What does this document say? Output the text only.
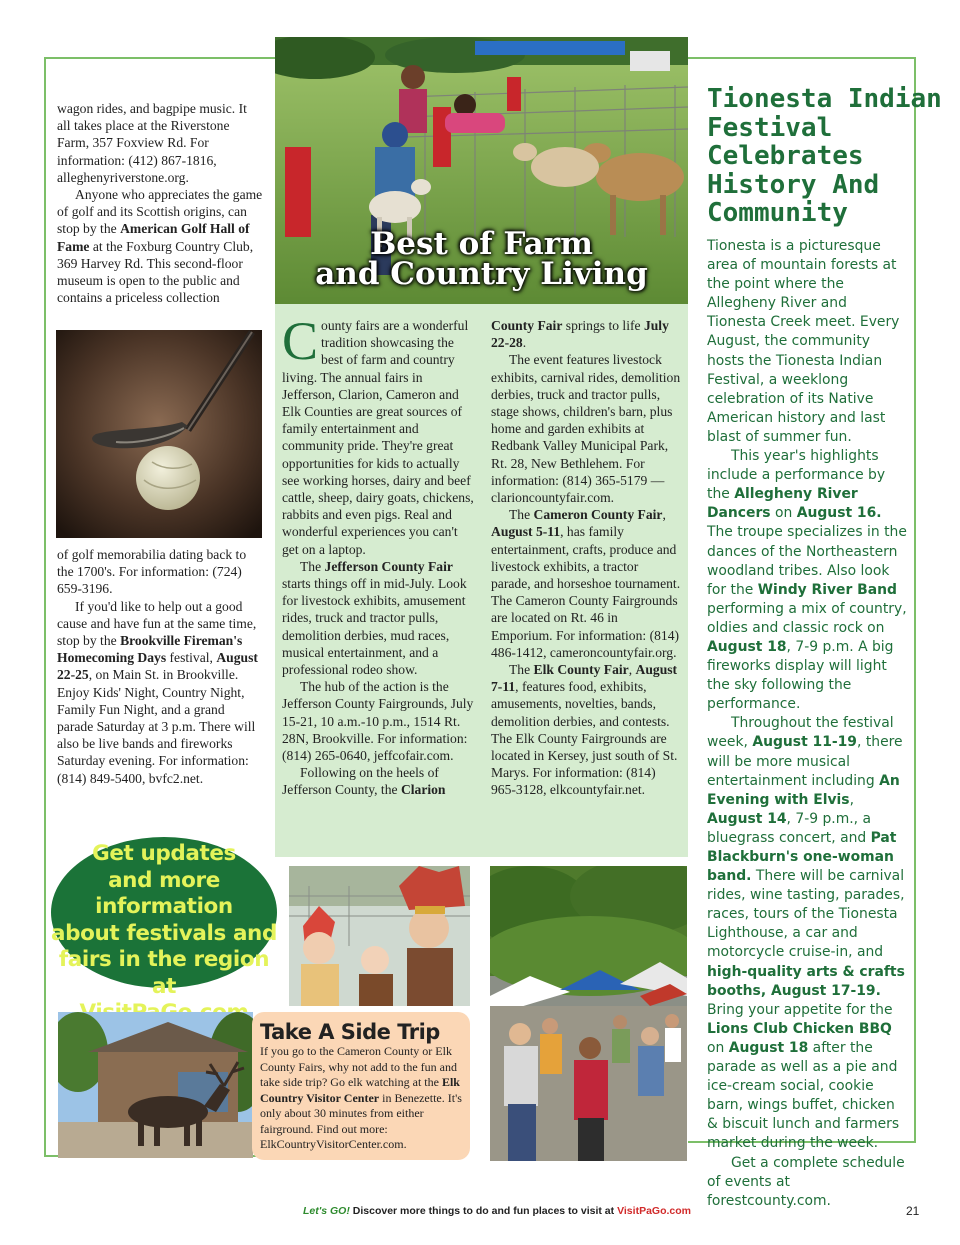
wagon rides, and bagpipe music. It all takes place at the Riverstone Farm, 357 Foxview Rd. For information: (412) 867-1816, alleghenyriverstone.org.

Anyone who appreciates the game of golf and its Scottish origins, can stop by the American Golf Hall of Fame at the Foxburg Country Club, 369 Harvey Rd. This second-floor museum is open to the public and contains a priceless collection

of golf memorabilia dating back to the 1700's. For information: (724) 659-3196.

If you'd like to help out a good cause and have fun at the same time, stop by the Brookville Fireman's Homecoming Days festival, August 22-25, on Main St. in Brookville. Enjoy Kids' Night, Country Night, Family Fun Night, and a grand parade Saturday at 3 p.m. There will also be live bands and fireworks Saturday evening. For information: (814) 849-5400, bvfc2.net.

Get updates
and more information
about festivals and
fairs in the region at
Best of Farm
and Country Living

County fairs are a wonderful tradition showcasing the best of farm and country living. The annual fairs in Jefferson, Clarion, Cameron and Elk Counties are great sources of family entertainment and community pride. They're great opportunities for kids to actually see working horses, dairy and beef cattle, sheep, dairy goats, chickens, rabbits and even pigs. Real and wonderful experiences you can't get on a laptop.

The Jefferson County Fair starts things off in mid-July. Look for livestock exhibits, amusement rides, truck and tractor pulls, demolition derbies, mud races, musical entertainment, and a professional rodeo show.

The hub of the action is the Jefferson County Fairgrounds, July 15-21, 10 a.m.-10 p.m., 1514 Rt. 28N, Brookville. For information: (814) 265-0640, jeffcofair.com.

Following on the heels of Jefferson County, the Clarion

County Fair springs to life July 22-28.

The event features livestock exhibits, carnival rides, demolition derbies, truck and tractor pulls, stage shows, children's barn, plus home and garden exhibits at Redbank Valley Municipal Park, Rt. 28, New Bethlehem. For information: (814) 365-5179 — clarioncountyfair.com.

The Cameron County Fair, August 5-11, has family entertainment, crafts, produce and livestock exhibits, a tractor parade, and horseshoe tournament. The Cameron County Fairgrounds are located on Rt. 46 in Emporium. For information: (814) 486-1412, cameroncountyfair.org.

The Elk County Fair, August 7-11, features food, exhibits, amusements, novelties, bands, demolition derbies, and contests. The Elk County Fairgrounds are located in Kersey, just south of St. Marys. For information: (814) 965-3128, elkcountyfair.net.

Take A Side Trip
If you go to the Cameron County or Elk County Fairs, why not add to the fun and take side trip? Go elk watching at the Elk Country Visitor Center in Benezette. It's only about 30 minutes from either fairground. Find out more: ElkCountryVisitorCenter.com.
Tionesta Indian
Festival
Celebrates
History And
Community

Tionesta is a picturesque area of mountain forests at the point where the Allegheny River and Tionesta Creek meet. Every August, the community hosts the Tionesta Indian Festival, a weeklong celebration of its Native American history and last blast of summer fun.

This year's highlights include a performance by the Allegheny River Dancers on August 16. The troupe specializes in the dances of the Northeastern woodland tribes. Also look for the Windy River Band performing a mix of country, oldies and classic rock on August 18, 7-9 p.m. A big fireworks display will light the sky following the performance.

Throughout the festival week, August 11-19, there will be more musical entertainment including An Evening with Elvis, August 14, 7-9 p.m., a bluegrass concert, and Pat Blackburn's one-woman band. There will be carnival rides, wine tasting, parades, races, tours of the Tionesta Lighthouse, a car and motorcycle cruise-in, and high-quality arts & crafts booths, August 17-19. Bring your appetite for the Lions Club Chicken BBQ on August 18 after the parade as well as a pie and ice-cream social, cookie barn, wings buffet, chicken & biscuit lunch and farmers market during the week.

Get a complete schedule of events at forestcounty.com.

Let's GO! Discover more things to do and fun places to visit at VisitPaGo.com	21
